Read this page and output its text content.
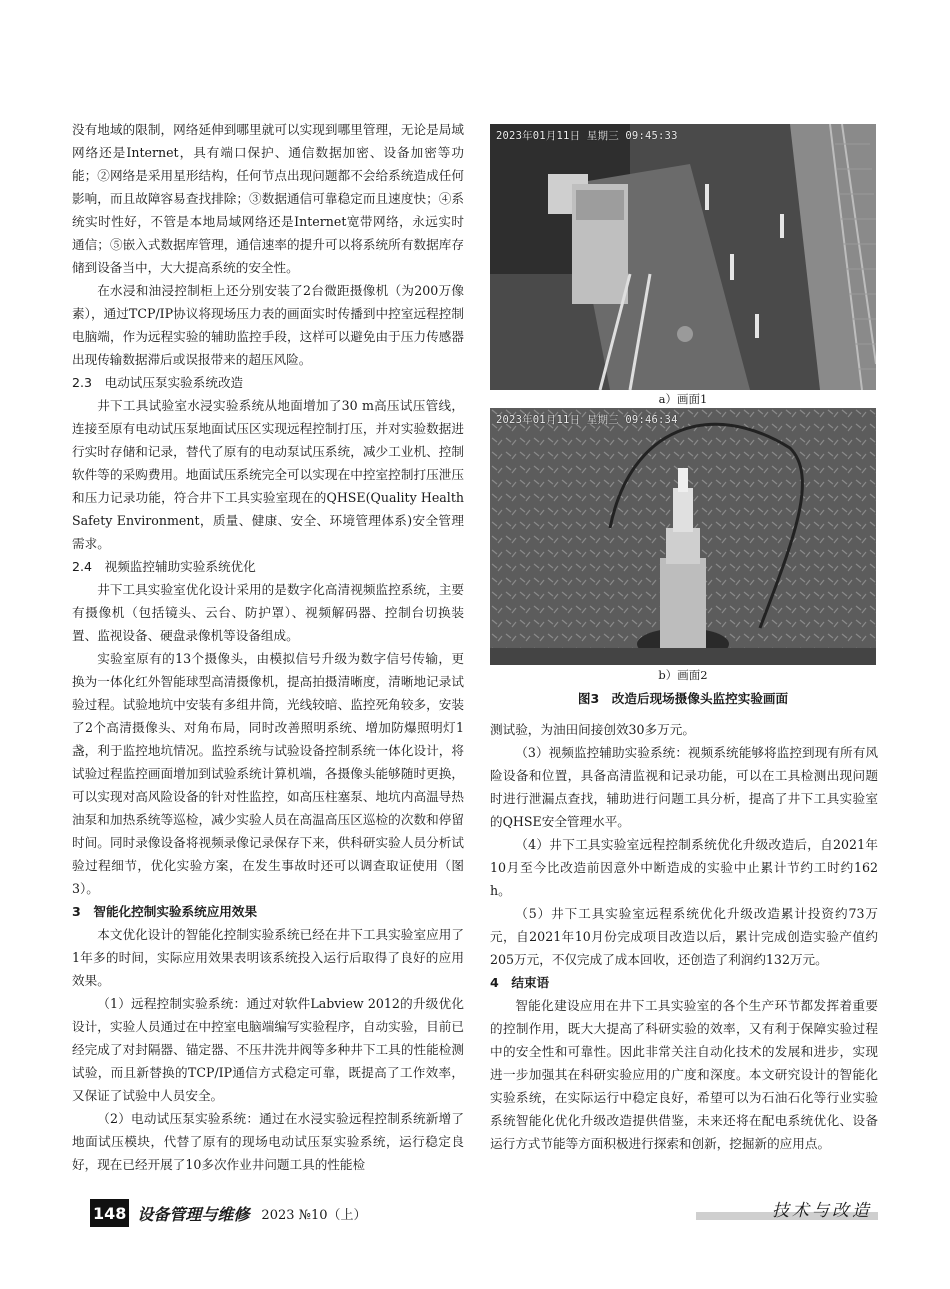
没有地域的限制，网络延伸到哪里就可以实现到哪里管理，无论是局域网络还是Internet，具有端口保护、通信数据加密、设备加密等功能；②网络是采用星形结构，任何节点出现问题都不会给系统造成任何影响，而且故障容易查找排除；③数据通信可靠稳定而且速度快；④系统实时性好，不管是本地局域网络还是Internet宽带网络，永远实时通信；⑤嵌入式数据库管理，通信速率的提升可以将系统所有数据库存储到设备当中，大大提高系统的安全性。

在水浸和油浸控制柜上还分别安装了2台微距摄像机（为200万像素），通过TCP/IP协议将现场压力表的画面实时传播到中控室远程控制电脑端，作为远程实验的辅助监控手段，这样可以避免由于压力传感器出现传输数据滞后或误报带来的超压风险。

2.3　电动试压泵实验系统改造

井下工具试验室水浸实验系统从地面增加了30 m高压试压管线，连接至原有电动试压泵地面试压区实现远程控制打压，并对实验数据进行实时存储和记录，替代了原有的电动泵试压系统，减少工业机、控制软件等的采购费用。地面试压系统完全可以实现在中控室控制打压泄压和压力记录功能，符合井下工具实验室现在的QHSE(Quality Health Safety Environment，质量、健康、安全、环境管理体系)安全管理需求。

2.4　视频监控辅助实验系统优化

井下工具实验室优化设计采用的是数字化高清视频监控系统，主要有摄像机（包括镜头、云台、防护罩）、视频解码器、控制台切换装置、监视设备、硬盘录像机等设备组成。

实验室原有的13个摄像头，由模拟信号升级为数字信号传输，更换为一体化红外智能球型高清摄像机，提高拍摄清晰度，清晰地记录试验过程。试验地坑中安装有多组井筒，光线较暗、监控死角较多，安装了2个高清摄像头、对角布局，同时改善照明系统、增加防爆照明灯1盏，利于监控地坑情况。监控系统与试验设备控制系统一体化设计，将试验过程监控画面增加到试验系统计算机端，各摄像头能够随时更换，可以实现对高风险设备的针对性监控，如高压柱塞泵、地坑内高温导热油泵和加热系统等巡检，减少实验人员在高温高压区巡检的次数和停留时间。同时录像设备将视频录像记录保存下来，供科研实验人员分析试验过程细节，优化实验方案，在发生事故时还可以调查取证使用（图3）。

3　智能化控制实验系统应用效果

本文优化设计的智能化控制实验系统已经在井下工具实验室应用了1年多的时间，实际应用效果表明该系统投入运行后取得了良好的应用效果。

（1）远程控制实验系统：通过对软件Labview 2012的升级优化设计，实验人员通过在中控室电脑端编写实验程序，自动实验，目前已经完成了对封隔器、锚定器、不压井洗井阀等多种井下工具的性能检测试验，而且新替换的TCP/IP通信方式稳定可靠，既提高了工作效率，又保证了试验中人员安全。

（2）电动试压泵实验系统：通过在水浸实验远程控制系统新增了地面试压模块，代替了原有的现场电动试压泵实验系统，运行稳定良好，现在已经开展了10多次作业井问题工具的性能检

2023年01月11日 星期三 09:45:33
a）画面1
2023年01月11日 星期三 09:46:34
b）画面2
图3　改造后现场摄像头监控实验画面

测试验，为油田间接创效30多万元。

（3）视频监控辅助实验系统：视频系统能够将监控到现有所有风险设备和位置，具备高清监视和记录功能，可以在工具检测出现问题时进行泄漏点查找，辅助进行问题工具分析，提高了井下工具实验室的QHSE安全管理水平。

（4）井下工具实验室远程控制系统优化升级改造后，自2021年10月至今比改造前因意外中断造成的实验中止累计节约工时约162 h。

（5）井下工具实验室远程系统优化升级改造累计投资约73万元，自2021年10月份完成项目改造以后，累计完成创造实验产值约205万元，不仅完成了成本回收，还创造了利润约132万元。

4　结束语

智能化建设应用在井下工具实验室的各个生产环节都发挥着重要的控制作用，既大大提高了科研实验的效率，又有利于保障实验过程中的安全性和可靠性。因此非常关注自动化技术的发展和进步，实现进一步加强其在科研实验应用的广度和深度。本文研究设计的智能化实验系统，在实际运行中稳定良好，希望可以为石油石化等行业实验系统智能化优化升级改造提供借鉴，未来还将在配电系统优化、设备运行方式节能等方面积极进行探索和创新，挖掘新的应用点。

148 设备管理与维修 2023 №10（上）	技术与改造
